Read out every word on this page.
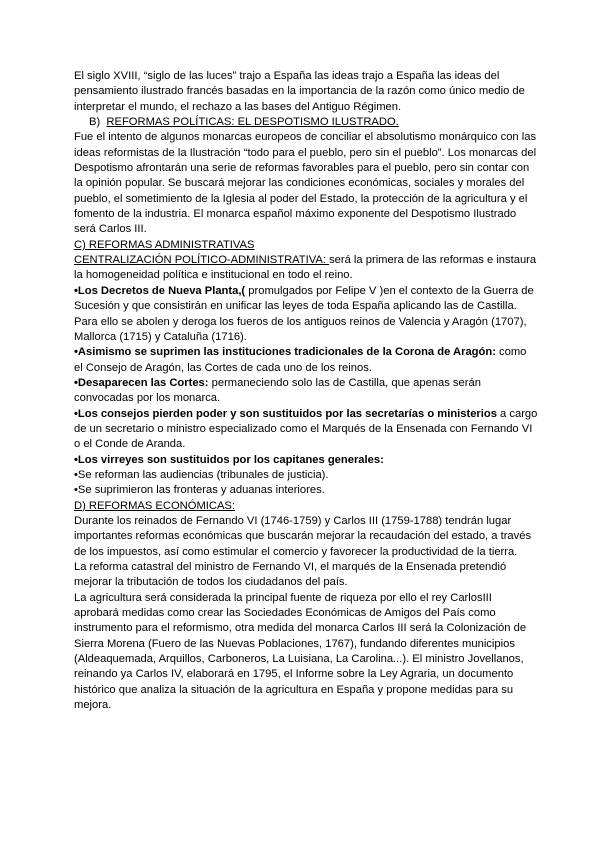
El siglo XVIII, “siglo de las luces” trajo a España las ideas trajo a España las ideas del pensamiento ilustrado francés basadas en la importancia de la razón como único medio de interpretar el mundo, el rechazo a las bases del Antiguo Régimen.

B) REFORMAS POLÍTICAS: EL DESPOTISMO ILUSTRADO.

Fue el intento de algunos monarcas europeos de conciliar el absolutismo monárquico con las ideas reformistas de la Ilustración “todo para el pueblo, pero sin el pueblo”. Los monarcas del Despotismo afrontarán una serie de reformas favorables para el pueblo, pero sin contar con la opinión popular. Se buscará mejorar las condiciones económicas, sociales y morales del pueblo, el sometimiento de la Iglesia al poder del Estado, la protección de la agricultura y el fomento de la industria. El monarca español máximo exponente del Despotismo Ilustrado será Carlos III.

C) REFORMAS ADMINISTRATIVAS

CENTRALIZACIÓN POLÍTICO-ADMINISTRATIVA: será la primera de las reformas e instaura la homogeneidad política e institucional en todo el reino.

•Los Decretos de Nueva Planta,( promulgados por Felipe V )en el contexto de la Guerra de Sucesión y que consistirán en unificar las leyes de toda España aplicando las de Castilla. Para ello se abolen y deroga los fueros de los antiguos reinos de Valencia y Aragón (1707), Mallorca (1715) y Cataluña (1716).

•Asimismo se suprimen las instituciones tradicionales de la Corona de Aragón: como el Consejo de Aragón, las Cortes de cada uno de los reinos.

•Desaparecen las Cortes: permaneciendo solo las de Castilla, que apenas serán convocadas por los monarca.

•Los consejos pierden poder y son sustituidos por las secretarías o ministerios a cargo de un secretario o ministro especializado como el Marqués de la Ensenada con Fernando VI o el Conde de Aranda.

•Los virreyes son sustituidos por los capitanes generales:

•Se reforman las audiencias (tribunales de justicia).

•Se suprimieron las fronteras y aduanas interiores.

D) REFORMAS ECONÓMICAS:

Durante los reinados de Fernando VI (1746-1759) y Carlos III (1759-1788) tendrán lugar importantes reformas económicas que buscarán mejorar la recaudación del estado, a través de los impuestos, así como estimular el comercio y favorecer la productividad de la tierra.

La reforma catastral del ministro de Fernando VI, el marqués de la Ensenada pretendió mejorar la tributación de todos los ciudadanos del país.

La agricultura será considerada la principal fuente de riqueza por ello el rey CarlosIII aprobará medidas como crear las Sociedades Económicas de Amigos del País como instrumento para el reformismo, otra medida del monarca Carlos III será la Colonización de Sierra Morena (Fuero de las Nuevas Poblaciones, 1767), fundando diferentes municipios (Aldeaquemada, Arquillos, Carboneros, La Luisiana, La Carolina...). El ministro Jovellanos, reinando ya Carlos IV, elaborará en 1795, el Informe sobre la Ley Agraria, un documento histórico que analiza la situación de la agricultura en España y propone medidas para su mejora.
